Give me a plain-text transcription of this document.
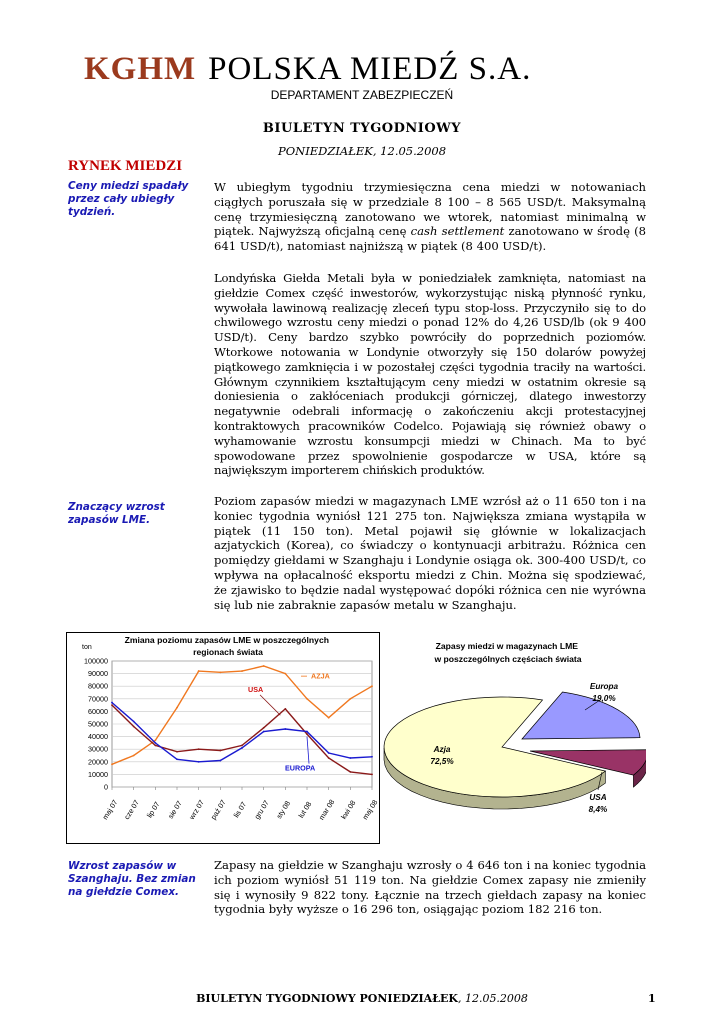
KGHM POLSKA MIEDŹ S.A.
DEPARTAMENT ZABEZPIECZEŃ
BIULETYN TYGODNIOWY
PONIEDZIAŁEK, 12.05.2008
RYNEK MIEDZI
Ceny miedzi spadały przez cały ubiegły tydzień.
Znaczący wzrost zapasów LME.
Wzrost zapasów w Szanghaju. Bez zmian na giełdzie Comex.

W ubiegłym tygodniu trzymiesięczna cena miedzi w notowaniach ciągłych poruszała się w przedziale 8 100 – 8 565 USD/t. Maksymalną cenę trzymiesięczną zanotowano we wtorek, natomiast minimalną w piątek. Najwyższą oficjalną cenę cash settlement zanotowano w środę (8 641 USD/t), natomiast najniższą w piątek (8 400 USD/t).

Londyńska Giełda Metali była w poniedziałek zamknięta, natomiast na giełdzie Comex część inwestorów, wykorzystując niską płynność rynku, wywołała lawinową realizację zleceń typu stop-loss. Przyczyniło się to do chwilowego wzrostu ceny miedzi o ponad 12% do 4,26 USD/lb (ok 9 400 USD/t). Ceny bardzo szybko powróciły do poprzednich poziomów. Wtorkowe notowania w Londynie otworzyły się 150 dolarów powyżej piątkowego zamknięcia i w pozostałej części tygodnia traciły na wartości. Głównym czynnikiem kształtującym ceny miedzi w ostatnim okresie są doniesienia o zakłóceniach produkcji górniczej, dlatego inwestorzy negatywnie odebrali informację o zakończeniu akcji protestacyjnej kontraktowych pracowników Codelco. Pojawiają się również obawy o wyhamowanie wzrostu konsumpcji miedzi w Chinach. Ma to być spowodowane przez spowolnienie gospodarcze w USA, które są największym importerem chińskich produktów.

Poziom zapasów miedzi w magazynach LME wzrósł aż o 11 650 ton i na koniec tygodnia wyniósł 121 275 ton. Największa zmiana wystąpiła w piątek (11 150 ton). Metal pojawił się głównie w lokalizacjach azjatyckich (Korea), co świadczy o kontynuacji arbitrażu. Różnica cen pomiędzy giełdami w Szanghaju i Londynie osiąga ok. 300-400 USD/t, co wpływa na opłacalność eksportu miedzi z Chin. Można się spodziewać, że zjawisko to będzie nadal występować dopóki różnica cen nie wyrówna się lub nie zabraknie zapasów metalu w Szanghaju.

Zapasy na giełdzie w Szanghaju wzrosły o 4 646 ton i na koniec tygodnia ich poziom wyniósł 51 119 ton. Na giełdzie Comex zapasy nie zmieniły się i wynosiły 9 822 tony. Łącznie na trzech giełdach zapasy na koniec tygodnia były wyższe o 16 296 ton, osiągając poziom 182 216 ton.

Zmiana poziomu zapasów LME w poszczególnych regionach świata
ton
100000
90000
80000
70000
60000
50000
40000
30000
20000
10000
0
maj 07 cze 07 lip 07 sie 07 wrz 07 paź 07 lis 07 gru 07 sty 08 lut 08 mar 08 kwi 08 maj 08
AZJA
USA
EUROPA
Zapasy miedzi w magazynach LME w poszczególnych częściach świata
Azja
72,5%
Europa
19,0%
USA
8,4%
BIULETYN TYGODNIOWY PONIEDZIAŁEK, 12.05.2008	1
